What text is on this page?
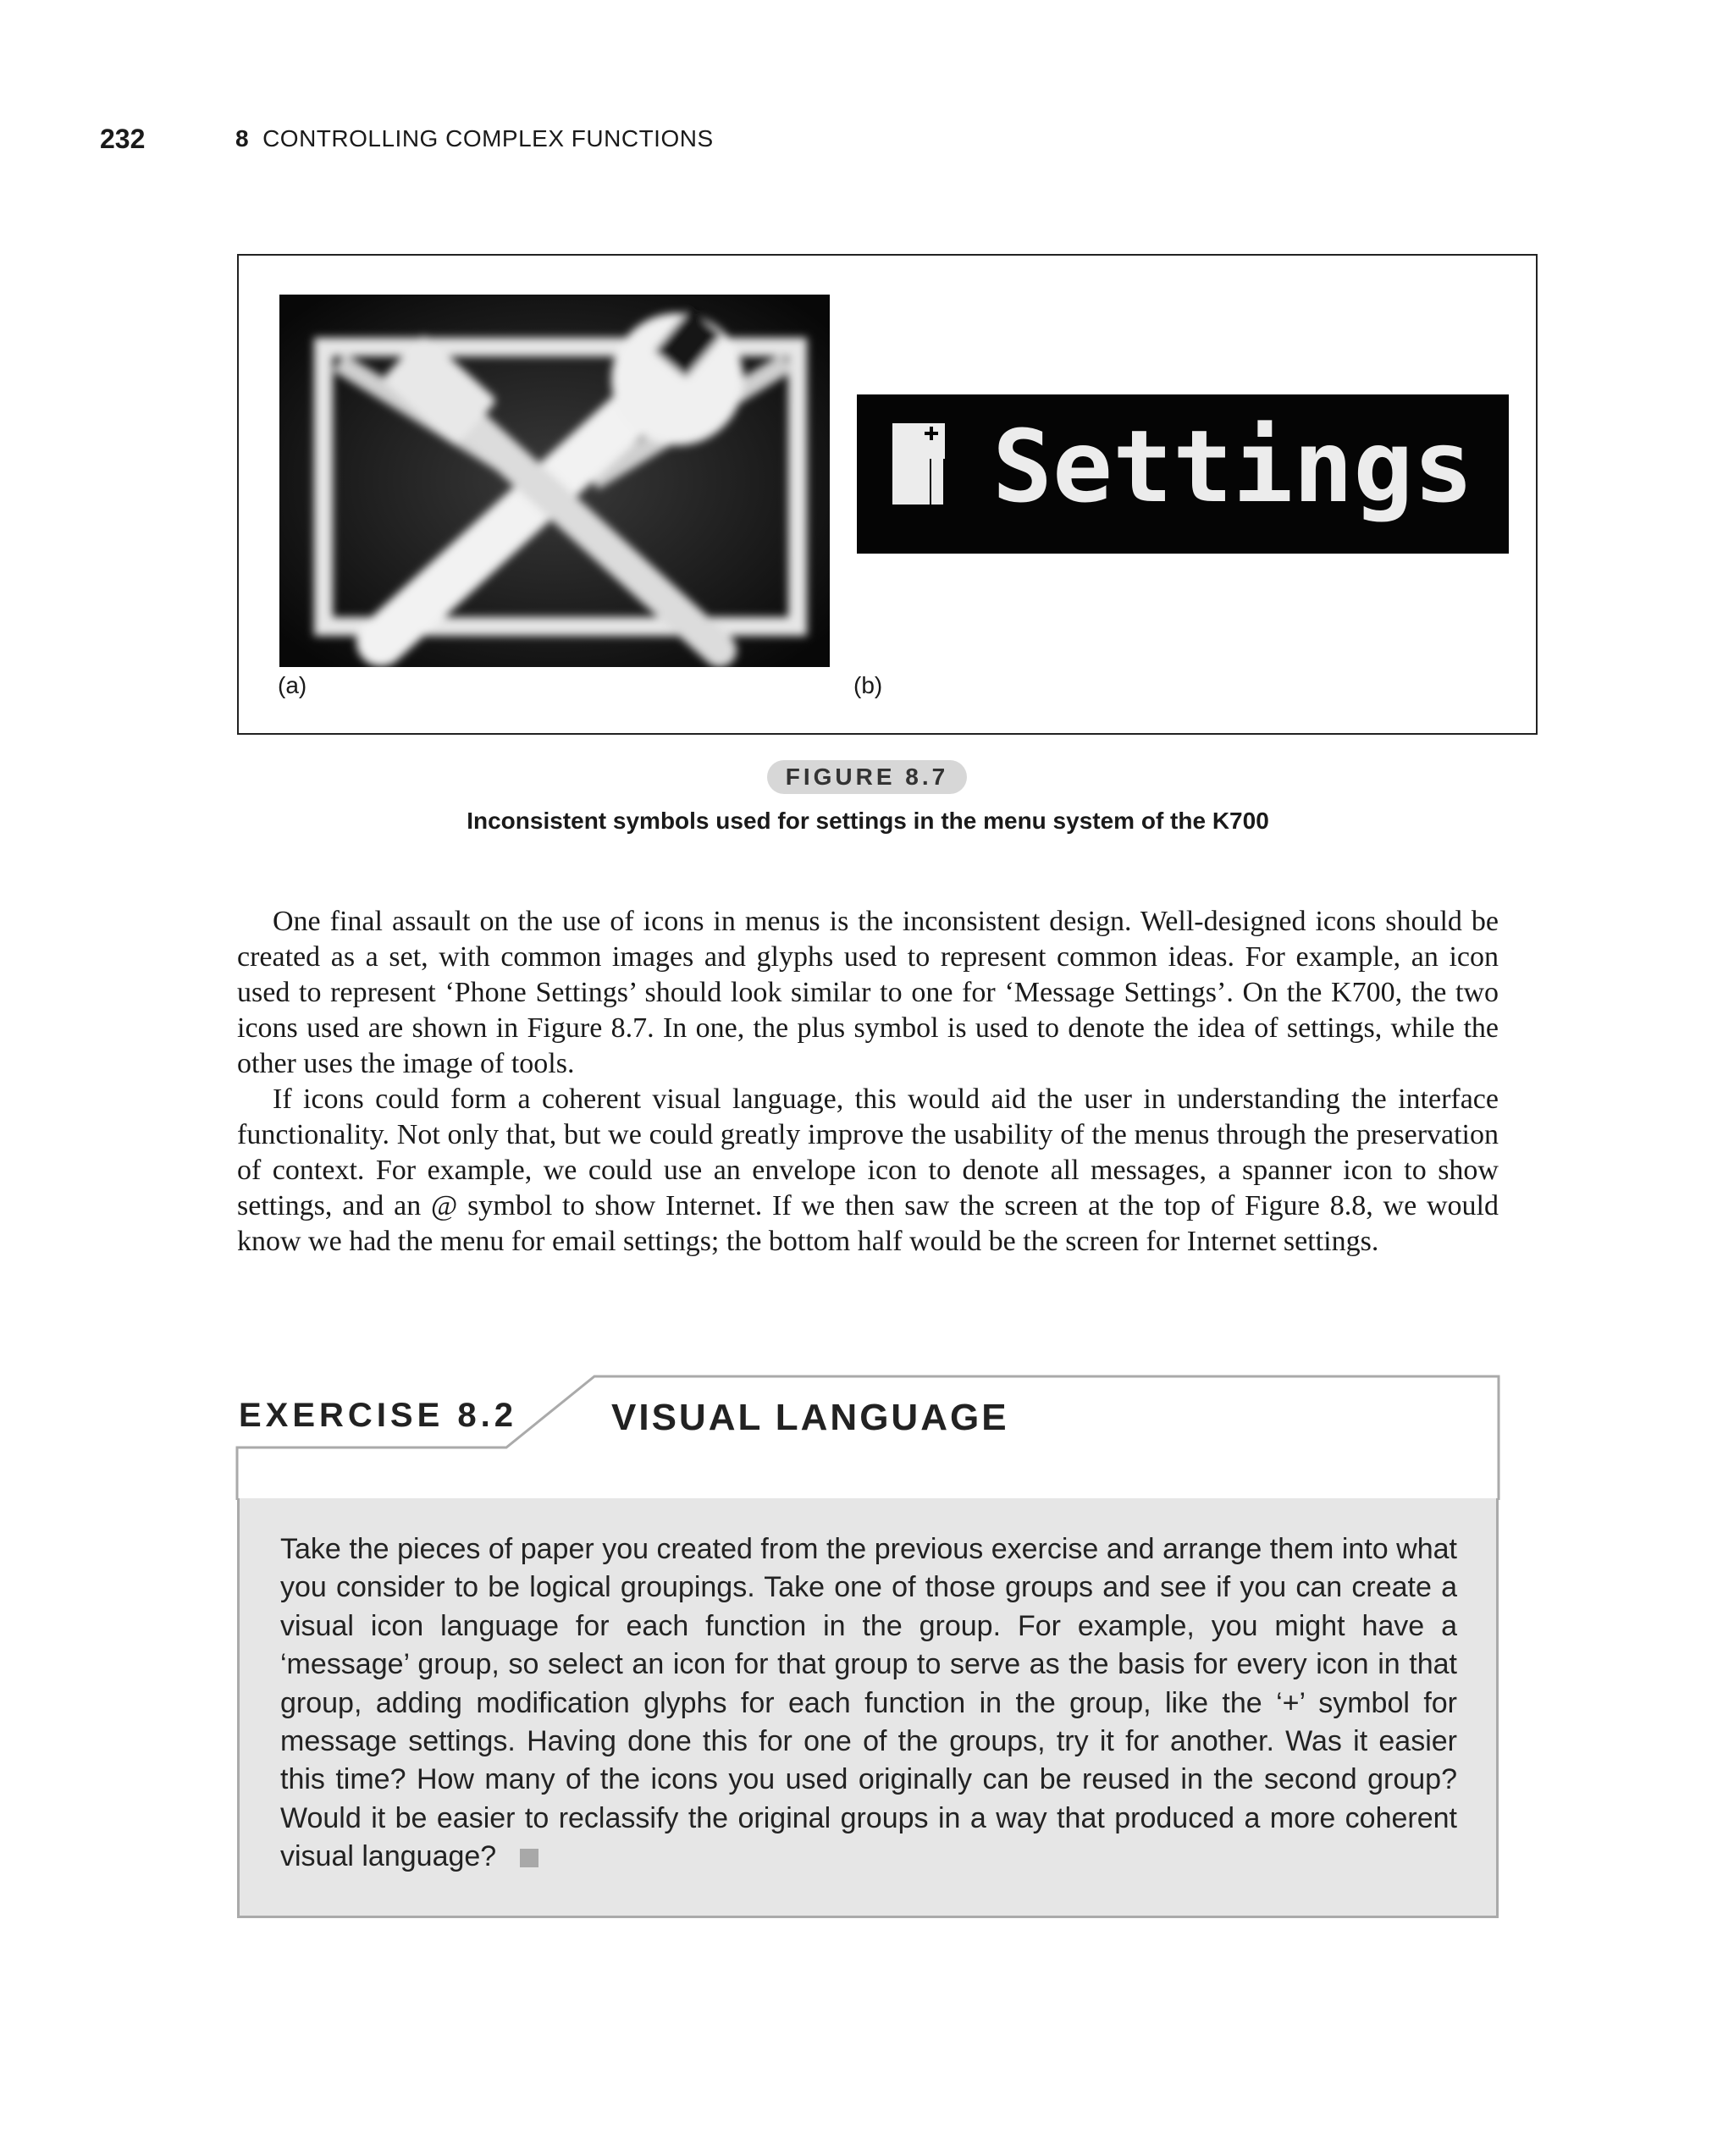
232	8 CONTROLLING COMPLEX FUNCTIONS
Settings
(a)	(b)
FIGURE 8.7
Inconsistent symbols used for settings in the menu system of the K700

One final assault on the use of icons in menus is the inconsistent design. Well-designed icons should be created as a set, with common images and glyphs used to represent common ideas. For example, an icon used to represent ‘Phone Settings’ should look similar to one for ‘Message Settings’. On the K700, the two icons used are shown in Figure 8.7. In one, the plus symbol is used to denote the idea of settings, while the other uses the image of tools.

If icons could form a coherent visual language, this would aid the user in understanding the interface functionality. Not only that, but we could greatly improve the usability of the menus through the preservation of context. For example, we could use an envelope icon to denote all messages, a spanner icon to show settings, and an @ symbol to show Internet. If we then saw the screen at the top of Figure 8.8, we would know we had the menu for email settings; the bottom half would be the screen for Internet settings.

EXERCISE 8.2	VISUAL LANGUAGE
Take the pieces of paper you created from the previous exercise and arrange them into what you consider to be logical groupings. Take one of those groups and see if you can create a visual icon language for each function in the group. For example, you might have a ‘message’ group, so select an icon for that group to serve as the basis for every icon in that group, adding modification glyphs for each function in the group, like the ‘+’ symbol for message settings. Having done this for one of the groups, try it for another. Was it easier this time? How many of the icons you used originally can be reused in the second group? Would it be easier to reclassify the original groups in a way that produced a more coherent visual language?
